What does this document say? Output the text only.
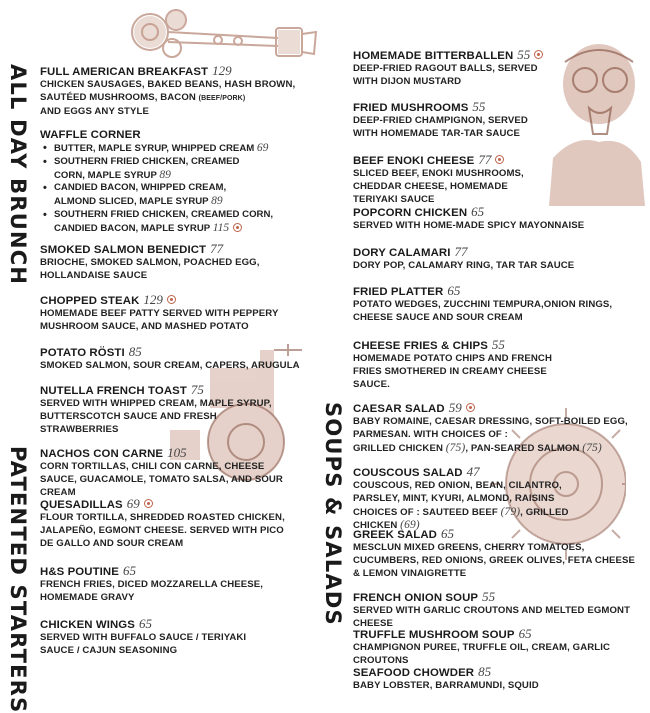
ALL DAY BRUNCH
PATENTED STARTERS	SOUPS & SALADS
FULL AMERICAN BREAKFAST 129
CHICKEN SAUSAGES, BAKED BEANS, HASH BROWN, SAUTÉED MUSHROOMS, BACON (BEEF/PORK)
AND EGGS ANY STYLE
WAFFLE CORNER
• BUTTER, MAPLE SYRUP, WHIPPED CREAM 69
• SOUTHERN FRIED CHICKEN, CREAMED CORN, MAPLE SYRUP 89
• CANDIED BACON, WHIPPED CREAM, ALMOND SLICED, MAPLE SYRUP 89
• SOUTHERN FRIED CHICKEN, CREAMED CORN, CANDIED BACON, MAPLE SYRUP 115
SMOKED SALMON BENEDICT 77
BRIOCHE, SMOKED SALMON, POACHED EGG, HOLLANDAISE SAUCE
CHOPPED STEAK 129
HOMEMADE BEEF PATTY SERVED WITH PEPPERY MUSHROOM SAUCE, AND MASHED POTATO
POTATO RÖSTI 85
SMOKED SALMON, SOUR CREAM, CAPERS, ARUGULA
NUTELLA FRENCH TOAST 75
SERVED WITH WHIPPED CREAM, MAPLE SYRUP, BUTTERSCOTCH SAUCE AND FRESH STRAWBERRIES
NACHOS CON CARNE 105
CORN TORTILLAS, CHILI CON CARNE, CHEESE SAUCE, GUACAMOLE, TOMATO SALSA, AND SOUR CREAM
QUESADILLAS 69
FLOUR TORTILLA, SHREDDED ROASTED CHICKEN, JALAPEÑO, EGMONT CHEESE. SERVED WITH PICO DE GALLO AND SOUR CREAM
H&S POUTINE 65
FRENCH FRIES, DICED MOZZARELLA CHEESE, HOMEMADE GRAVY
CHICKEN WINGS 65
SERVED WITH BUFFALO SAUCE / TERIYAKI SAUCE / CAJUN SEASONING
HOMEMADE BITTERBALLEN 55
DEEP-FRIED RAGOUT BALLS, SERVED WITH DIJON MUSTARD
FRIED MUSHROOMS 55
DEEP-FRIED CHAMPIGNON, SERVED WITH HOMEMADE TAR-TAR SAUCE
BEEF ENOKI CHEESE 77
SLICED BEEF, ENOKI MUSHROOMS, CHEDDAR CHEESE, HOMEMADE TERIYAKI SAUCE
POPCORN CHICKEN 65
SERVED WITH HOME-MADE SPICY MAYONNAISE
DORY CALAMARI 77
DORY POP, CALAMARY RING, TAR TAR SAUCE
FRIED PLATTER 65
POTATO WEDGES, ZUCCHINI TEMPURA,ONION RINGS, CHEESE SAUCE AND SOUR CREAM
CHEESE FRIES & CHIPS 55
HOMEMADE POTATO CHIPS AND FRENCH FRIES SMOTHERED IN CREAMY CHEESE SAUCE.
CAESAR SALAD 59
BABY ROMAINE, CAESAR DRESSING, SOFT-BOILED EGG, PARMESAN. WITH CHOICES OF :
GRILLED CHICKEN (75), PAN-SEARED SALMON (75)
COUSCOUS SALAD 47
COUSCOUS, RED ONION, BEAN, CILANTRO, PARSLEY, MINT, KYURI, ALMOND, RAISINS
CHOICES OF : SAUTEED BEEF (79), GRILLED CHICKEN (69)
GREEK SALAD 65
MESCLUN MIXED GREENS, CHERRY TOMATOES, CUCUMBERS, RED ONIONS, GREEK OLIVES, FETA CHEESE & LEMON VINAIGRETTE
FRENCH ONION SOUP 55
SERVED WITH GARLIC CROUTONS AND MELTED EGMONT CHEESE
TRUFFLE MUSHROOM SOUP 65
CHAMPIGNON PUREE, TRUFFLE OIL, CREAM, GARLIC CROUTONS
SEAFOOD CHOWDER 85
BABY LOBSTER, BARRAMUNDI, SQUID
